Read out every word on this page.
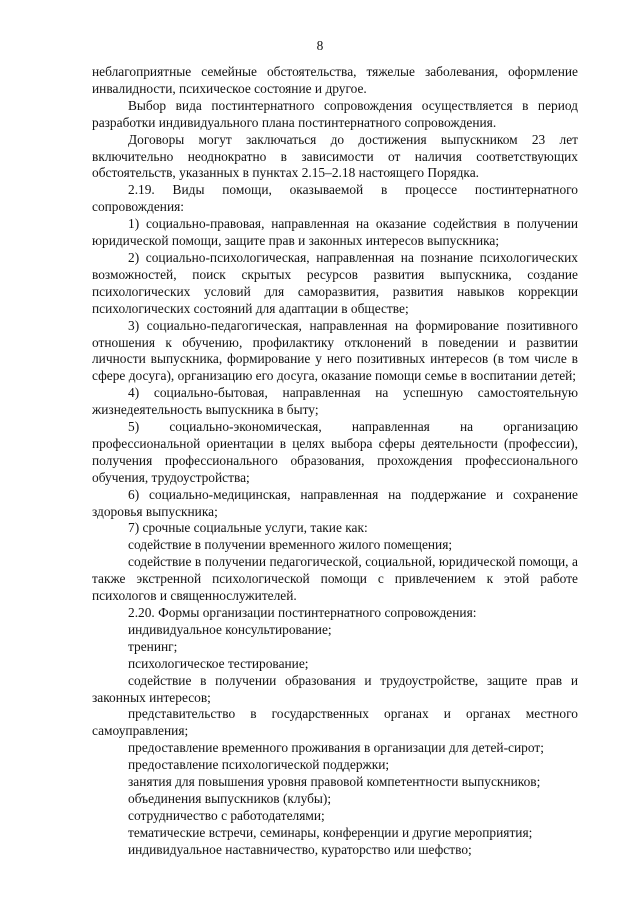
8

неблагоприятные семейные обстоятельства, тяжелые заболевания, оформление инвалидности, психическое состояние и другое.

Выбор вида постинтернатного сопровождения осуществляется в период разработки индивидуального плана постинтернатного сопровождения.

Договоры могут заключаться до достижения выпускником 23 лет включительно неоднократно в зависимости от наличия соответствующих обстоятельств, указанных в пунктах 2.15–2.18 настоящего Порядка.

2.19. Виды помощи, оказываемой в процессе постинтернатного сопровождения:

1) социально-правовая, направленная на оказание содействия в получении юридической помощи, защите прав и законных интересов выпускника;

2) социально-психологическая, направленная на познание психологических возможностей, поиск скрытых ресурсов развития выпускника, создание психологических условий для саморазвития, развития навыков коррекции психологических состояний для адаптации в обществе;

3) социально-педагогическая, направленная на формирование позитивного отношения к обучению, профилактику отклонений в поведении и развитии личности выпускника, формирование у него позитивных интересов (в том числе в сфере досуга), организацию его досуга, оказание помощи семье в воспитании детей;

4) социально-бытовая, направленная на успешную самостоятельную жизнедеятельность выпускника в быту;

5) социально-экономическая, направленная на организацию профессиональной ориентации в целях выбора сферы деятельности (профессии), получения профессионального образования, прохождения профессионального обучения, трудоустройства;

6) социально-медицинская, направленная на поддержание и сохранение здоровья выпускника;

7) срочные социальные услуги, такие как:

содействие в получении временного жилого помещения;

содействие в получении педагогической, социальной, юридической помощи, а также экстренной психологической помощи с привлечением к этой работе психологов и священнослужителей.

2.20. Формы организации постинтернатного сопровождения:

индивидуальное консультирование;

тренинг;

психологическое тестирование;

содействие в получении образования и трудоустройстве, защите прав и законных интересов;

представительство в государственных органах и органах местного самоуправления;

предоставление временного проживания в организации для детей-сирот;

предоставление психологической поддержки;

занятия для повышения уровня правовой компетентности выпускников;

объединения выпускников (клубы);

сотрудничество с работодателями;

тематические встречи, семинары, конференции и другие мероприятия;

индивидуальное наставничество, кураторство или шефство;
